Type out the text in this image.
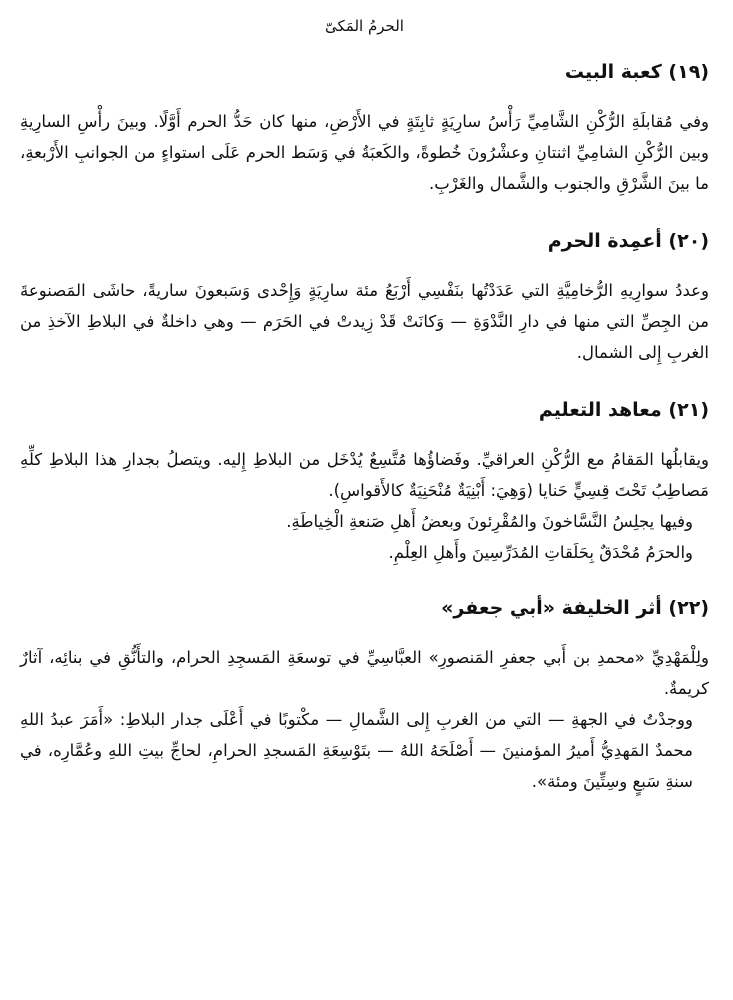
الحرمُ المَكىّ
(١٩) كعبة البيت

وفي مُقابلَةِ الرُّكْنِ الشَّامِيِّ رَأْسُ سارِيَةٍ ثابِتَةٍ في الأَرْضِ، منها كان حَدُّ الحرم أَوَّلًا. وبينَ رأْسِ السارِيةِ وبين الرُّكْنِ الشامِيِّ اثنتانِ وعشْرُونَ خُطوةً، والكَعبَةُ في وَسَط الحرم عَلَى استواءٍ من الجوانبِ الأَرْبعةِ، ما بينَ الشَّرْقِ والجنوب والشَّمال والغَرْبِ.

(٢٠) أعمِدة الحرم

وعددُ سوارِيهِ الرُّخامِيَّةِ التي عَدَدْتُها بنَفْسِي أَرْبَعُ مئة سارِيَةٍ وَإِحْدى وَسَبعونَ ساريةً، حاشَى المَصنوعةَ من الجِصِّ التي منها في دارِ النَّدْوَةِ — وَكانَتْ قَدْ زِيدتْ في الحَرَم — وهي داخلةٌ في البلاطِ الآخذِ من الغربِ إِلى الشمال.

(٢١) معاهد التعليم

ويقابلُها المَقامُ مع الرُّكْنِ العراقيِّ. وفَضاؤُها مُتَّسِعٌ يُدْخَل من البلاطِ إِليه. ويتصلُ بجدارِ هذا البلاطِ كلِّهِ مَصاطِبُ تَحْتَ قِسِيٍّ حَنايا (وَهِيَ: أَبْنِيَةٌ مُنْحَنِيَةٌ كالأَقواسِ).

وفيها يجلِسُ النَّسَّاخونَ والمُقْرِئونَ وبعضُ أَهلِ صَنعةِ الْخِياطَةِ.

والحرَمُ مُحْدَقٌ بِحَلَقاتِ المُدَرِّسِينَ وأَهلِ العِلْمِ.

(٢٢) أثر الخليفة «أبي جعفر»

ولِلْمَهْدِيِّ «محمدِ بن أَبي جعفرِ المَنصورِ» العبَّاسِيِّ في توسعَةِ المَسجِدِ الحرام، والتأَنُّقِ في بنائِه، آثارٌ كريمةٌ.

ووجدْتُ في الجهةِ — التي من الغربِ إِلى الشَّمالِ — مكْتوبًا في أَعْلَى جدار البلاطِ: «أَمَرَ عبدُ اللهِ محمدٌ المَهدِيُّ أَميرُ المؤمنينَ — أَصْلَحَهُ اللهُ — بتَوْسِعَةِ المَسجدِ الحرامِ، لحاجِّ بيتِ اللهِ وعُمَّارِه، في سنةِ سَبعٍ وسِتِّينَ ومئة».
